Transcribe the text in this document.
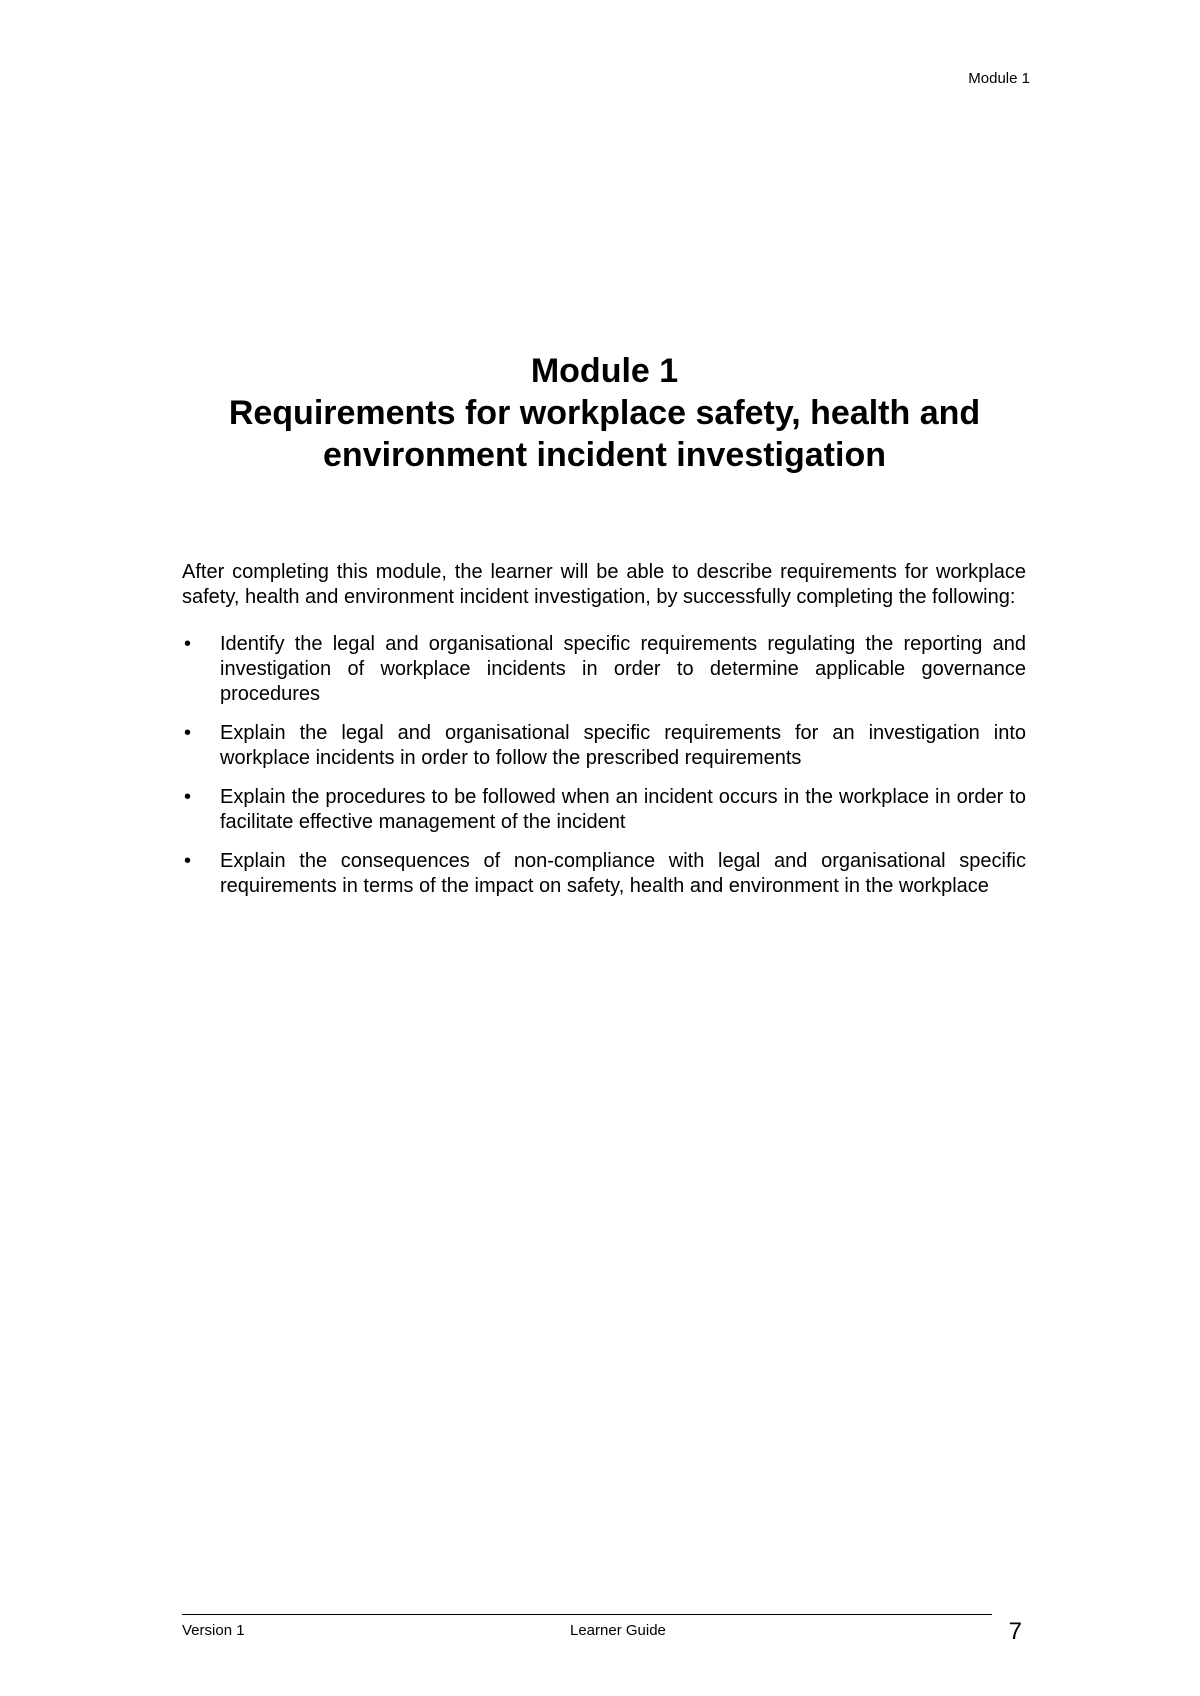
Module 1
Module 1
Requirements for workplace safety, health and
environment incident investigation

After completing this module, the learner will be able to describe requirements for workplace safety, health and environment incident investigation, by successfully completing the following:

•	Identify the legal and organisational specific requirements regulating the reporting and investigation of workplace incidents in order to determine applicable governance procedures
•	Explain the legal and organisational specific requirements for an investigation into workplace incidents in order to follow the prescribed requirements
•	Explain the procedures to be followed when an incident occurs in the workplace in order to facilitate effective management of the incident
•	Explain the consequences of non-compliance with legal and organisational specific requirements in terms of the impact on safety, health and environment in the workplace
Version 1	Learner Guide	7
